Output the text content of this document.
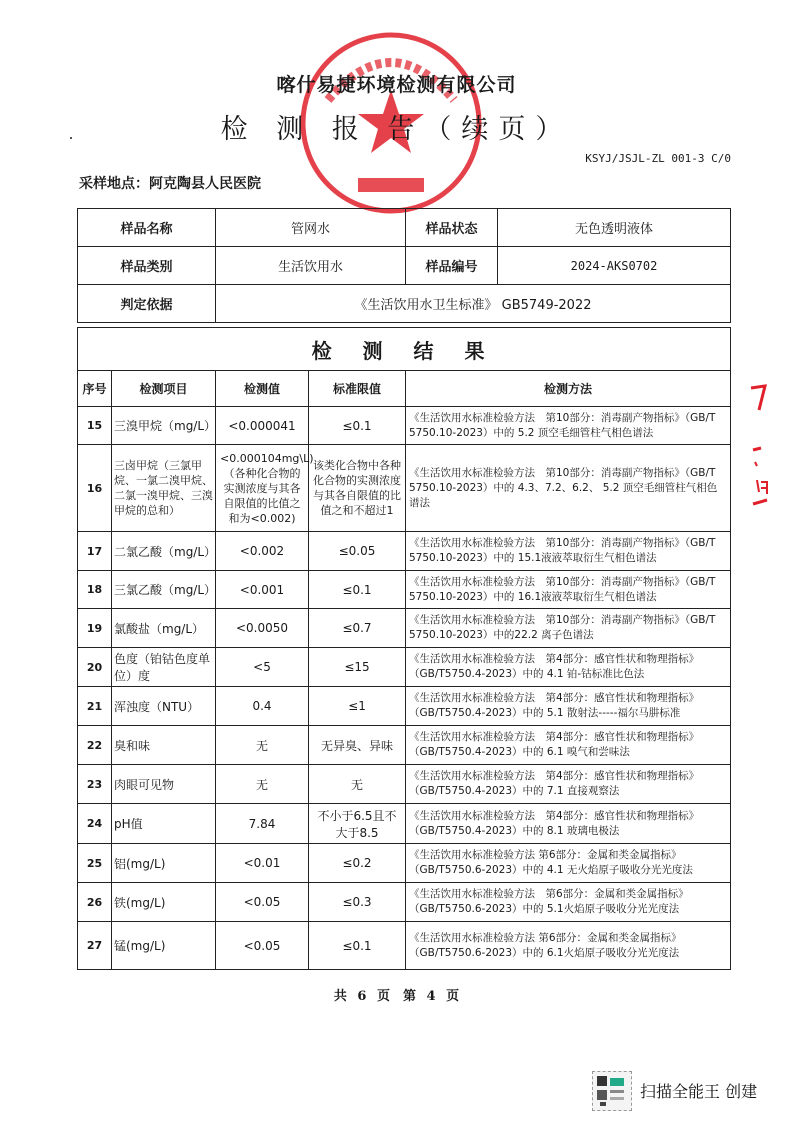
喀什易捷环境检测有限公司
检 测 报 告（续页）
KSYJ/JSJL-ZL 001-3 C/0
采样地点：阿克陶县人民医院
样品名称	管网水	样品状态	无色透明液体
样品类别	生活饮用水	样品编号	2024-AKS0702
判定依据	《生活饮用水卫生标准》 GB5749-2022		
检 测 结 果				
序号	检测项目	检测值	标准限值	检测方法
15	三溴甲烷（mg/L）	<0.000041	≤0.1	《生活饮用水标准检验方法　第10部分：消毒副产物指标》（GB/T 5750.10-2023）中的 5.2 顶空毛细管柱气相色谱法
16	三卤甲烷（三氯甲烷、一氯二溴甲烷、二氯一溴甲烷、三溴甲烷的总和）	<0.000104mg\L)（各种化合物的实测浓度与其各自限值的比值之和为<0.002)	该类化合物中各种化合物的实测浓度与其各自限值的比值之和不超过1	《生活饮用水标准检验方法　第10部分：消毒副产物指标》（GB/T 5750.10-2023）中的 4.3、7.2、6.2、 5.2 顶空毛细管柱气相色谱法
17	二氯乙酸（mg/L）	<0.002	≤0.05	《生活饮用水标准检验方法　第10部分：消毒副产物指标》（GB/T 5750.10-2023）中的 15.1液液萃取衍生气相色谱法
18	三氯乙酸（mg/L）	<0.001	≤0.1	《生活饮用水标准检验方法　第10部分：消毒副产物指标》（GB/T 5750.10-2023）中的 16.1液液萃取衍生气相色谱法
19	氯酸盐（mg/L）	<0.0050	≤0.7	《生活饮用水标准检验方法　第10部分：消毒副产物指标》（GB/T 5750.10-2023）中的22.2 离子色谱法
20	色度（铂钴色度单位）度	<5	≤15	《生活饮用水标准检验方法　第4部分：感官性状和物理指标》（GB/T5750.4-2023）中的 4.1 铂-钴标准比色法
21	浑浊度（NTU）	0.4	≤1	《生活饮用水标准检验方法　第4部分：感官性状和物理指标》（GB/T5750.4-2023）中的 5.1 散射法-----福尔马肼标准
22	臭和味	无	无异臭、异味	《生活饮用水标准检验方法　第4部分：感官性状和物理指标》（GB/T5750.4-2023）中的 6.1 嗅气和尝味法
23	肉眼可见物	无	无	《生活饮用水标准检验方法　第4部分：感官性状和物理指标》（GB/T5750.4-2023）中的 7.1 直接观察法
24	pH值	7.84	不小于6.5且不大于8.5	《生活饮用水标准检验方法　第4部分：感官性状和物理指标》（GB/T5750.4-2023）中的 8.1 玻璃电极法
25	铝(mg/L)	<0.01	≤0.2	《生活饮用水标准检验方法 第6部分：金属和类金属指标》（GB/T5750.6-2023）中的 4.1 无火焰原子吸收分光光度法
26	铁(mg/L)	<0.05	≤0.3	《生活饮用水标准检验方法　第6部分：金属和类金属指标》（GB/T5750.6-2023）中的 5.1火焰原子吸收分光光度法
27	锰(mg/L)	<0.05	≤0.1	《生活饮用水标准检验方法 第6部分：金属和类金属指标》（GB/T5750.6-2023）中的 6.1火焰原子吸收分光光度法
共 6 页　第 4 页
扫描全能王 创建
